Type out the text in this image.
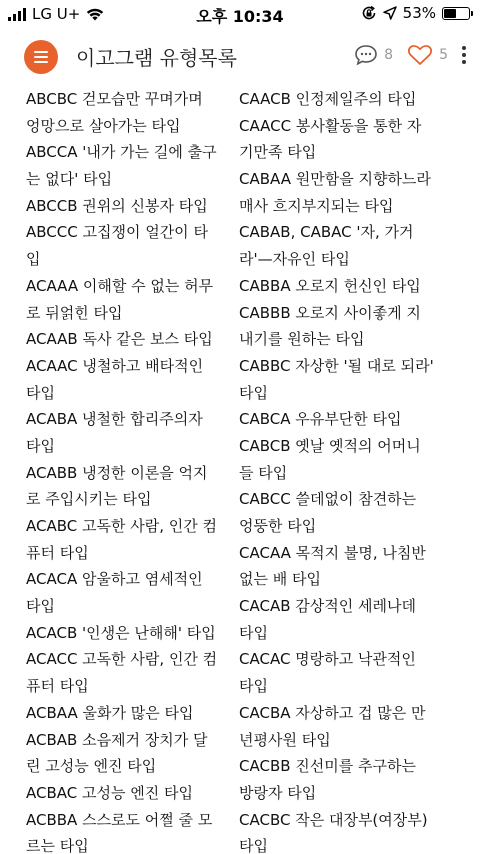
LG U+	오후 10:34	53%
이고그램 유형목록	8	5
ABCBC 걷모습만 꾸며가며
엉망으로 살아가는 타입
ABCCA '내가 가는 길에 출구
는 없다' 타입
ABCCB 권위의 신봉자 타입
ABCCC 고집쟁이 얼간이 타
입
ACAAA 이해할 수 없는 허무
로 뒤얽힌 타입
ACAAB 독사 같은 보스 타입
ACAAC 냉철하고 배타적인
타입
ACABA 냉철한 합리주의자
타입
ACABB 냉정한 이론을 억지
로 주입시키는 타입
ACABC 고독한 사람, 인간 컴
퓨터 타입
ACACA 암울하고 염세적인
타입
ACACB '인생은 난해해' 타입
ACACC 고독한 사람, 인간 컴
퓨터 타입
ACBAA 울화가 많은 타입
ACBAB 소음제거 장치가 달
린 고성능 엔진 타입
ACBAC 고성능 엔진 타입
ACBBA 스스로도 어쩔 줄 모
르는 타입
CAACB 인정제일주의 타입
CAACC 봉사활동을 통한 자
기만족 타입
CABAA 원만함을 지향하느라
매사 흐지부지되는 타입
CABAB, CABAC '자, 가거
라'—자유인 타입
CABBA 오로지 헌신인 타입
CABBB 오로지 사이좋게 지
내기를 원하는 타입
CABBC 자상한 '될 대로 되라'
타입
CABCA 우유부단한 타입
CABCB 옛날 옛적의 어머니
들 타입
CABCC 쓸데없이 참견하는
엉뚱한 타입
CACAA 목적지 불명, 나침반
없는 배 타입
CACAB 감상적인 세레나데
타입
CACAC 명랑하고 낙관적인
타입
CACBA 자상하고 겁 많은 만
년평사원 타입
CACBB 진선미를 추구하는
방랑자 타입
CACBC 작은 대장부(여장부)
타입
